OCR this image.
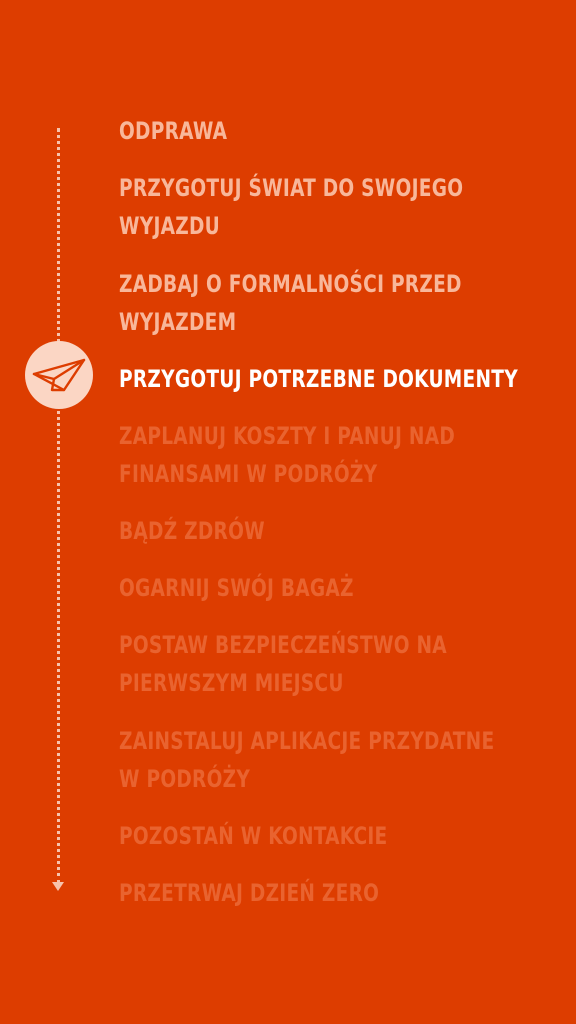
ODPRAWA
PRZYGOTUJ ŚWIAT DO SWOJEGO
WYJAZDU
ZADBAJ O FORMALNOŚCI PRZED
WYJAZDEM
PRZYGOTUJ POTRZEBNE DOKUMENTY
ZAPLANUJ KOSZTY I PANUJ NAD
FINANSAMI W PODRÓŻY
BĄDŹ ZDRÓW
OGARNIJ SWÓJ BAGAŻ
POSTAW BEZPIECZEŃSTWO NA
PIERWSZYM MIEJSCU
ZAINSTALUJ APLIKACJE PRZYDATNE
W PODRÓŻY
POZOSTAŃ W KONTAKCIE
PRZETRWAJ DZIEŃ ZERO
